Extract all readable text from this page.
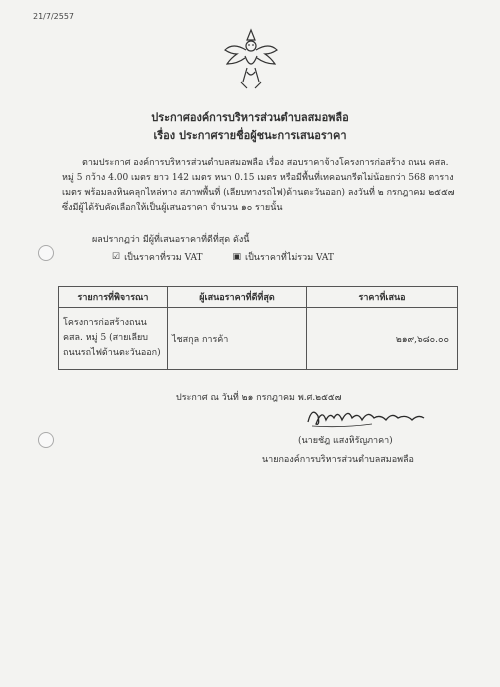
21/7/2557
ประกาศองค์การบริหารส่วนตำบลสมอพลือ
เรื่อง ประกาศรายชื่อผู้ชนะการเสนอราคา
ตามประกาศ องค์การบริหารส่วนตำบลสมอพลือ เรื่อง สอบราคาจ้างโครงการก่อสร้าง ถนน คสล. หมู่ 5 กว้าง 4.00 เมตร ยาว 142 เมตร หนา 0.15 เมตร หรือมีพื้นที่เทคอนกรีตไม่น้อยกว่า 568 ตารางเมตร พร้อมลงหินคลุกไหล่ทาง สภาพพื้นที่ (เลียบทางรถไฟ)ด้านตะวันออก) ลงวันที่ ๒ กรกฎาคม ๒๕๕๗ ซึ่งมีผู้ได้รับคัดเลือกให้เป็นผู้เสนอราคา จำนวน ๑๐ รายนั้น
ผลปรากฏว่า มีผู้ที่เสนอราคาที่ดีที่สุด ดังนี้
☑ เป็นราคาที่รวม VAT	▣ เป็นราคาที่ไม่รวม VAT
รายการที่พิจารณา	ผู้เสนอราคาที่ดีที่สุด	ราคาที่เสนอ
โครงการก่อสร้างถนน คสล. หมู่ 5 (สายเลียบถนนรถไฟด้านตะวันออก)	ไชสกุล การค้า	๒๑๙,๖๘๐.๐๐
ประกาศ ณ วันที่ ๒๑ กรกฎาคม พ.ศ.๒๕๕๗
(นายชัฎ แสงหิรัญภาคา)
นายกองค์การบริหารส่วนตำบลสมอพลือ
